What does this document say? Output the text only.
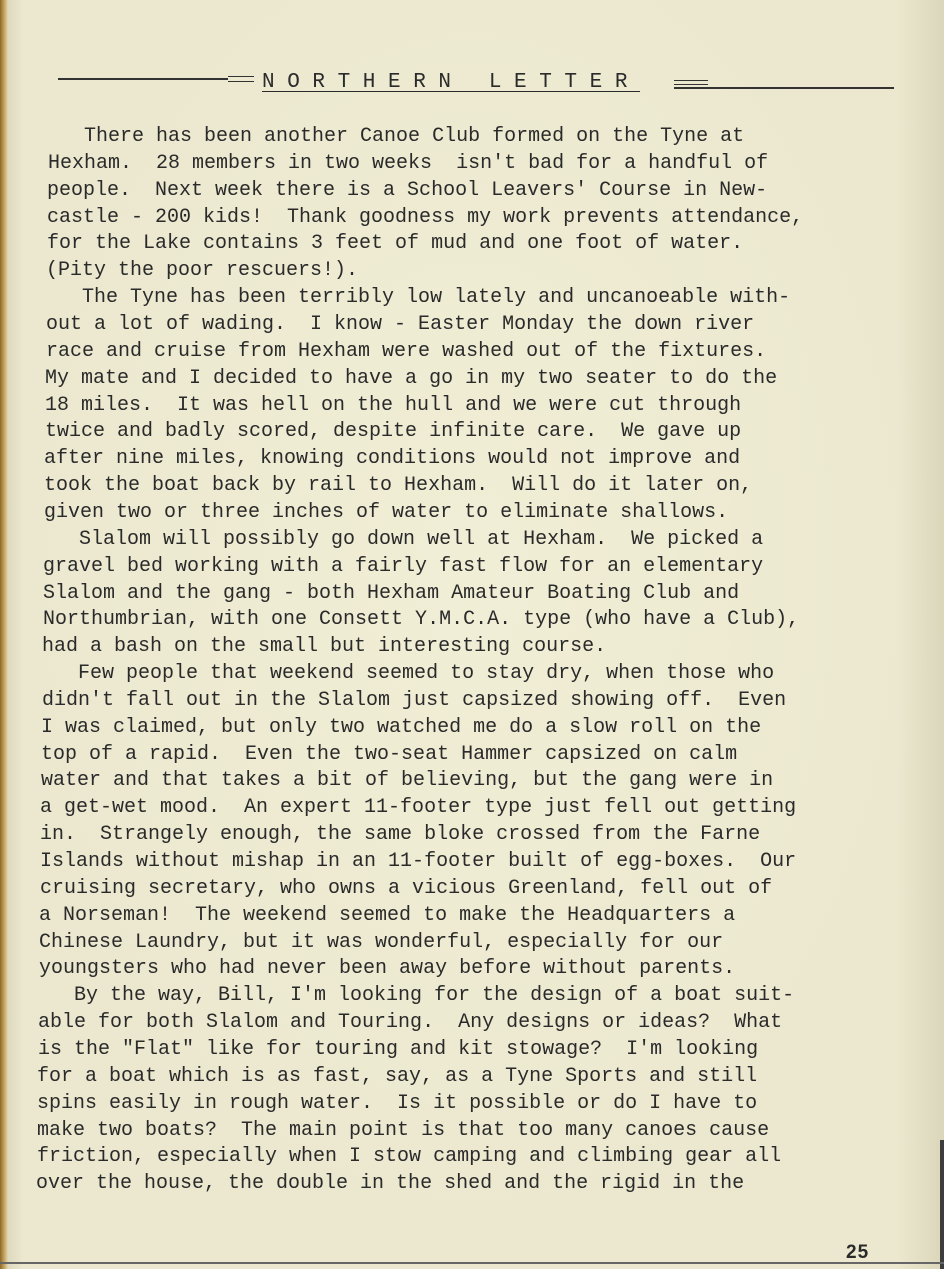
NORTHERN LETTER
There has been another Canoe Club formed on the Tyne at
Hexham.  28 members in two weeks  isn't bad for a handful of
people.  Next week there is a School Leavers' Course in New-
castle - 200 kids!  Thank goodness my work prevents attendance,
for the Lake contains 3 feet of mud and one foot of water.
(Pity the poor rescuers!).
The Tyne has been terribly low lately and uncanoeable with-
out a lot of wading.  I know - Easter Monday the down river
race and cruise from Hexham were washed out of the fixtures.
My mate and I decided to have a go in my two seater to do the
18 miles.  It was hell on the hull and we were cut through
twice and badly scored, despite infinite care.  We gave up
after nine miles, knowing conditions would not improve and
took the boat back by rail to Hexham.  Will do it later on,
given two or three inches of water to eliminate shallows.
Slalom will possibly go down well at Hexham.  We picked a
gravel bed working with a fairly fast flow for an elementary
Slalom and the gang - both Hexham Amateur Boating Club and
Northumbrian, with one Consett Y.M.C.A. type (who have a Club),
had a bash on the small but interesting course.
Few people that weekend seemed to stay dry, when those who
didn't fall out in the Slalom just capsized showing off.  Even
I was claimed, but only two watched me do a slow roll on the
top of a rapid.  Even the two-seat Hammer capsized on calm
water and that takes a bit of believing, but the gang were in
a get-wet mood.  An expert 11-footer type just fell out getting
in.  Strangely enough, the same bloke crossed from the Farne
Islands without mishap in an 11-footer built of egg-boxes.  Our
cruising secretary, who owns a vicious Greenland, fell out of
a Norseman!  The weekend seemed to make the Headquarters a
Chinese Laundry, but it was wonderful, especially for our
youngsters who had never been away before without parents.
By the way, Bill, I'm looking for the design of a boat suit-
able for both Slalom and Touring.  Any designs or ideas?  What
is the "Flat" like for touring and kit stowage?  I'm looking
for a boat which is as fast, say, as a Tyne Sports and still
spins easily in rough water.  Is it possible or do I have to
make two boats?  The main point is that too many canoes cause
friction, especially when I stow camping and climbing gear all
over the house, the double in the shed and the rigid in the
25
